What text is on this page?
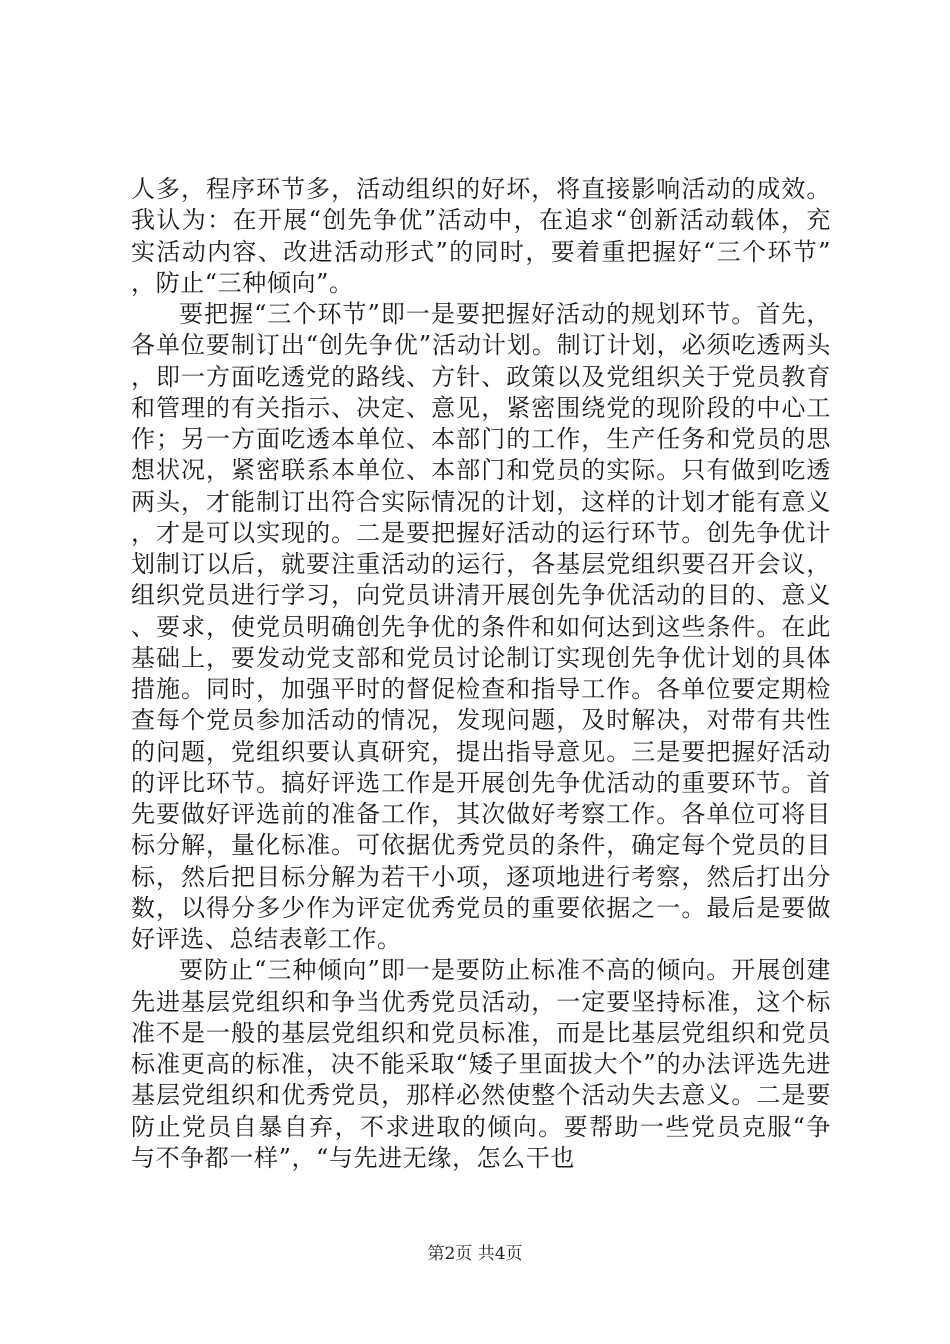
人多，程序环节多，活动组织的好坏，将直接影响活动的成效。我认为：在开展“创先争优”活动中，在追求“创新活动载体，充实活动内容、改进活动形式”的同时，要着重把握好“三个环节”，防止“三种倾向”。

要把握“三个环节”即一是要把握好活动的规划环节。首先，各单位要制订出“创先争优”活动计划。制订计划，必须吃透两头，即一方面吃透党的路线、方针、政策以及党组织关于党员教育和管理的有关指示、决定、意见，紧密围绕党的现阶段的中心工作；另一方面吃透本单位、本部门的工作，生产任务和党员的思想状况，紧密联系本单位、本部门和党员的实际。只有做到吃透两头，才能制订出符合实际情况的计划，这样的计划才能有意义，才是可以实现的。二是要把握好活动的运行环节。创先争优计划制订以后，就要注重活动的运行，各基层党组织要召开会议，组织党员进行学习，向党员讲清开展创先争优活动的目的、意义、要求，使党员明确创先争优的条件和如何达到这些条件。在此基础上，要发动党支部和党员讨论制订实现创先争优计划的具体措施。同时，加强平时的督促检查和指导工作。各单位要定期检查每个党员参加活动的情况，发现问题，及时解决，对带有共性的问题，党组织要认真研究，提出指导意见。三是要把握好活动的评比环节。搞好评选工作是开展创先争优活动的重要环节。首先要做好评选前的准备工作，其次做好考察工作。各单位可将目标分解，量化标准。可依据优秀党员的条件，确定每个党员的目标，然后把目标分解为若干小项，逐项地进行考察，然后打出分数，以得分多少作为评定优秀党员的重要依据之一。最后是要做好评选、总结表彰工作。

要防止“三种倾向”即一是要防止标准不高的倾向。开展创建先进基层党组织和争当优秀党员活动，一定要坚持标准，这个标准不是一般的基层党组织和党员标准，而是比基层党组织和党员标准更高的标准，决不能采取“矮子里面拔大个”的办法评选先进基层党组织和优秀党员，那样必然使整个活动失去意义。二是要防止党员自暴自弃，不求进取的倾向。要帮助一些党员克服“争与不争都一样”，“与先进无缘，怎么干也

第2页 共4页
